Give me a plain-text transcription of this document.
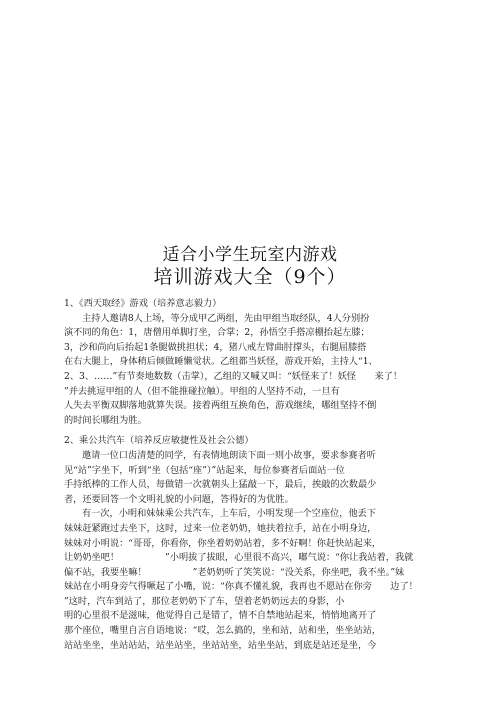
适合小学生玩室内游戏
培训游戏大全（9个）
1、《西天取经》游戏（培养意志毅力）
主持人邀请8人上场，等分成甲乙两组，先由甲组当取经队，4人分别扮
演不同的角色：1，唐僧用单脚打坐，合掌；2，孙悟空手搭凉棚抬起左膝；
3，沙和尚向后抬起1条腿做挑担状；4，猪八戒左臂曲肘撑头，右腿屈膝搭
在右大腿上，身体稍后倾做睡懒觉状。乙组都当妖怪，游戏开始，主持人“1、
2、3、……”有节奏地数数（击掌），乙组的又喊又叫：“妖怪来了！妖怪　　来了！
”并去挑逗甲组的人（但不能推碰拉触）。甲组的人坚持不动，一旦有
人失去平衡双脚落地就算失误。接着两组互换角色，游戏继续，哪组坚持不倒
的时间长哪组为胜。
2、乘公共汽车（培养反应敏捷性及社会公德）
邀请一位口齿清楚的同学，有表情地朗读下面一则小故事，要求参赛者听
见“站”字坐下，听到“坐（包括“座”）”站起来，每位参赛者后面站一位
手持纸棒的工作人员，每做错一次就朝头上猛敲一下，最后，挨敲的次数最少
者，还要回答一个文明礼貌的小问题，答得好的为优胜。
有一次，小明和妹妹乘公共汽车，上车后，小明发现一个空座位，他丢下
妹妹赶紧跑过去坐下，这时，过来一位老奶奶，她扶着拉手，站在小明身边，
妹妹对小明说：“哥哥，你看你，你坐着奶奶站着，多不好啊！你赶快站起来，
让奶奶坐吧！　　　　　”小明拔了拔眼，心里很不高兴，嘟气说：“你让我站着，我就
偏不站，我要坐嘛！　　　　　”老奶奶听了笑笑说：“没关系，你坐吧，我不坐。”妹
妹站在小明身旁气得噘起了小嘴，说：“你真不懂礼貌，我再也不愿站在你旁　　边了！
”这时，汽车到站了，那位老奶奶下了车，望着老奶奶远去的身影，小
明的心里很不是滋味，他觉得自己是错了，情不自禁地站起来，悄悄地离开了
那个座位，嘴里自言自语地说：“哎，怎么搞的，坐和站，站和坐，坐坐站站，
站站坐坐，坐站站站，站坐站坐，坐站站坐，站坐坐站，到底是站还是坐，今
